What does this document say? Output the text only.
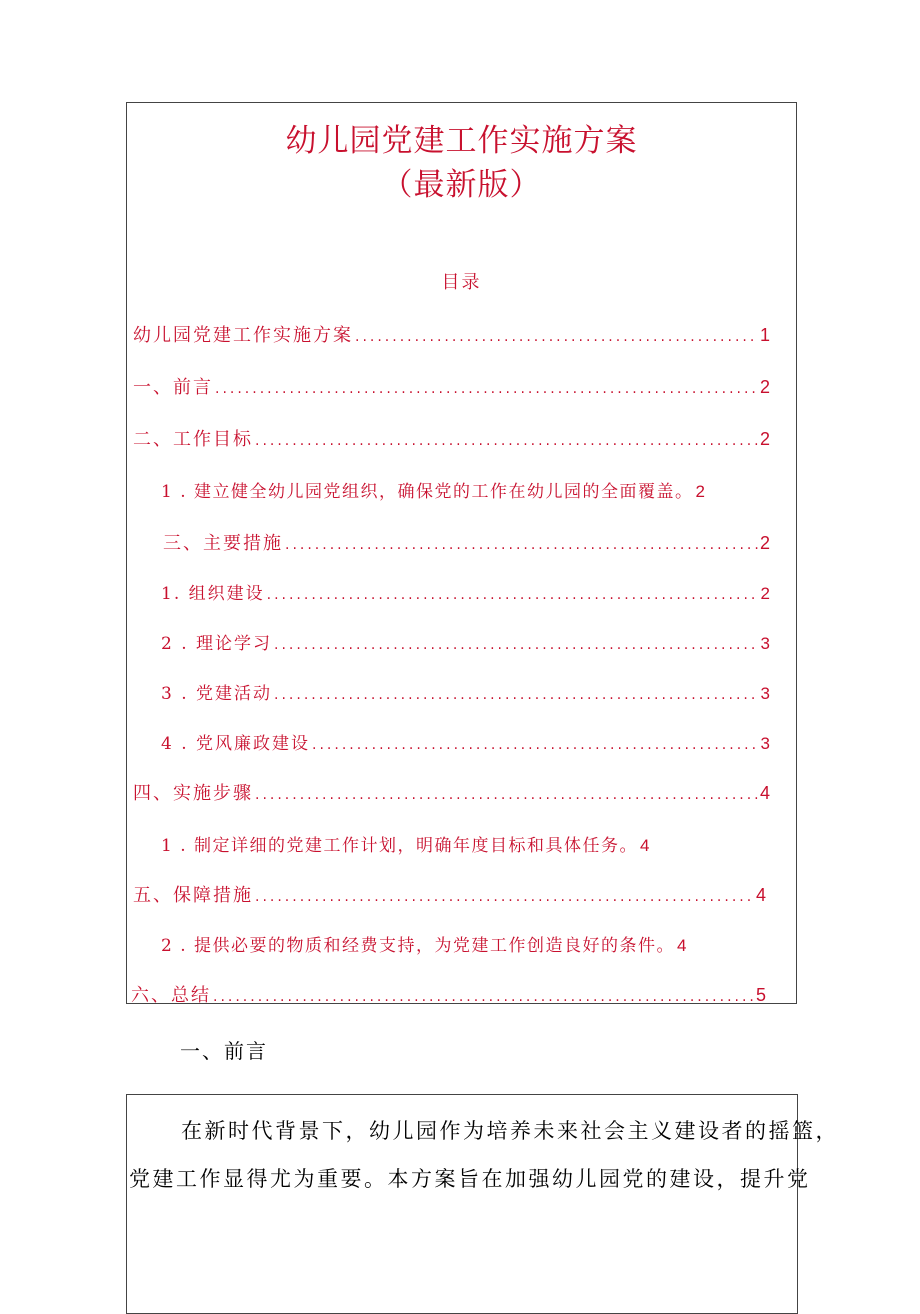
幼儿园党建工作实施方案
（最新版）
目录
幼儿园党建工作实施方案 .....	1
一、前言 .....	2
二、工作目标 .....	2
1 . 建立健全幼儿园党组织，确保党的工作在幼儿园的全面覆盖。 2
三、主要措施 .....	2
1. 组织建设 .....	2
2 . 理论学习 .....	3
3 . 党建活动 .....	3
4 . 党风廉政建设 .....	3
四、实施步骤 .....	4
1 . 制定详细的党建工作计划，明确年度目标和具体任务。 4
五、保障措施 .....	4
2 . 提供必要的物质和经费支持，为党建工作创造良好的条件。 4
六、总结 .....	5
一、前言
在新时代背景下，幼儿园作为培养未来社会主义建设者的摇篮，
党建工作显得尤为重要。本方案旨在加强幼儿园党的建设，提升党
